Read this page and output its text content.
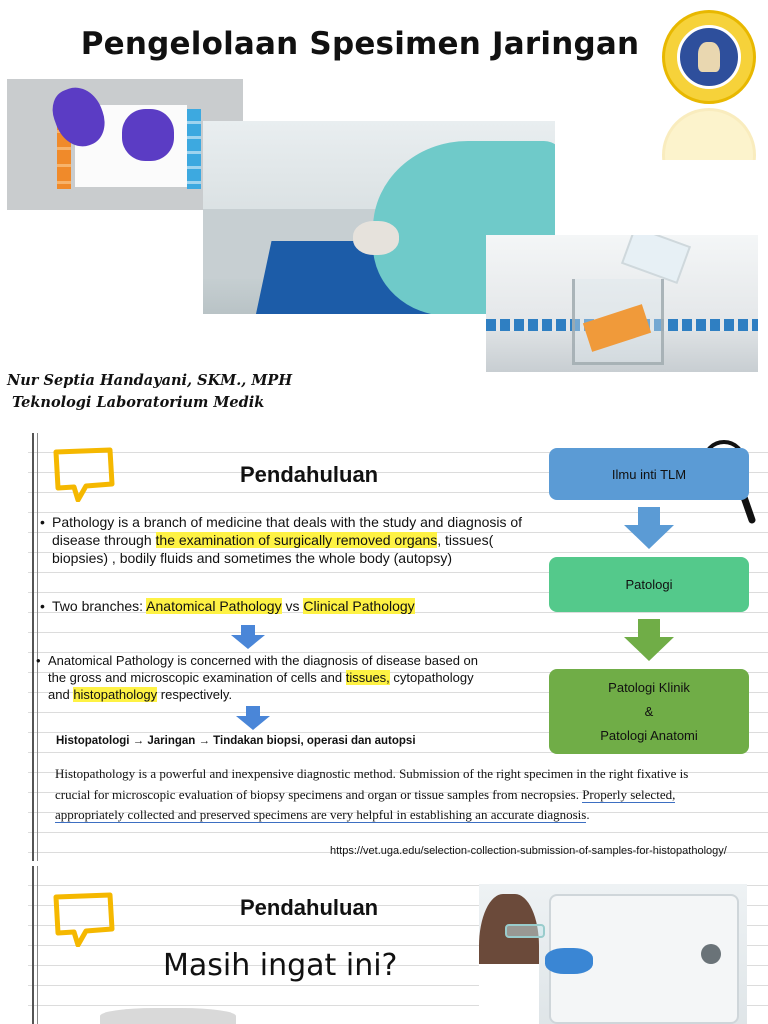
Pengelolaan Spesimen Jaringan
Nur Septia Handayani, SKM., MPH
Teknologi Laboratorium Medik
Pendahuluan
• Pathology is a branch of medicine that deals with the study and diagnosis of disease through the examination of surgically removed organs, tissues( biopsies) , bodily fluids and sometimes the whole body (autopsy)
• Two branches: Anatomical Pathology vs Clinical Pathology
• Anatomical Pathology is concerned with the diagnosis of disease based on the gross and microscopic examination of cells and tissues, cytopathology and histopathology respectively.
Histopatologi → Jaringan → Tindakan biopsi, operasi dan autopsi
Histopathology is a powerful and inexpensive diagnostic method. Submission of the right specimen in the right fixative is crucial for microscopic evaluation of biopsy specimens and organ or tissue samples from necropsies. Properly selected, appropriately collected and preserved specimens are very helpful in establishing an accurate diagnosis.
https://vet.uga.edu/selection-collection-submission-of-samples-for-histopathology/
Ilmu inti TLM
Patologi
Patologi Klinik
&
Patologi Anatomi
Pendahuluan
Masih ingat ini?
